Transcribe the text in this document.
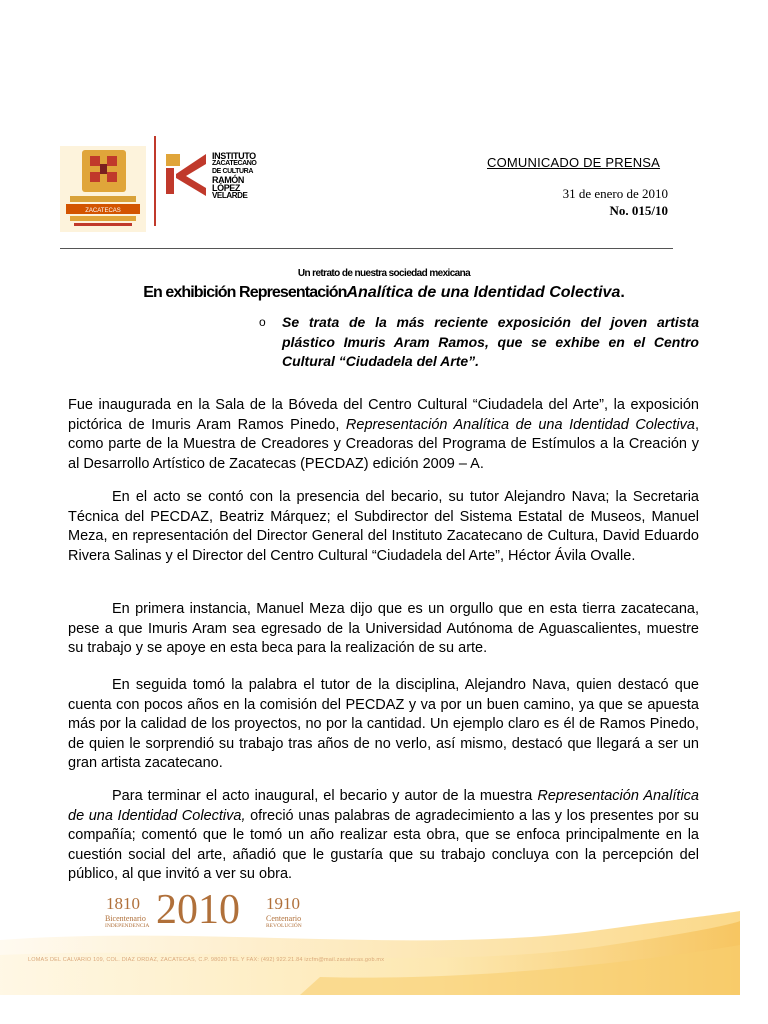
ZACATECAS
INSTITUTO
ZACATECANO
DE CULTURA
RAMÓN
LÓPEZ
VELARDE
COMUNICADO DE PRENSA
31 de enero de 2010
No. 015/10
Un retrato de nuestra sociedad mexicana
En exhibición RepresentaciónAnalítica de una Identidad Colectiva.
o Se trata de la más reciente exposición del joven artista plástico Imuris Aram Ramos, que se exhibe en el Centro Cultural “Ciudadela del Arte”.

Fue inaugurada en la Sala de la Bóveda del Centro Cultural “Ciudadela del Arte”, la exposición pictórica de Imuris Aram Ramos Pinedo, Representación Analítica de una Identidad Colectiva, como parte de la Muestra de Creadores y Creadoras del Programa de Estímulos a la Creación y al Desarrollo Artístico de Zacatecas (PECDAZ) edición 2009 – A.

En el acto se contó con la presencia del becario, su tutor Alejandro Nava; la Secretaria Técnica del PECDAZ, Beatriz Márquez; el Subdirector del Sistema Estatal de Museos, Manuel Meza, en representación del Director General del Instituto Zacatecano de Cultura, David Eduardo Rivera Salinas y el Director del Centro Cultural “Ciudadela del Arte”, Héctor Ávila Ovalle.

En primera instancia, Manuel Meza dijo que es un orgullo que en esta tierra zacatecana, pese a que Imuris Aram sea egresado de la Universidad Autónoma de Aguascalientes, muestre su trabajo y se apoye en esta beca para la realización de su arte.

En seguida tomó la palabra el tutor de la disciplina, Alejandro Nava, quien destacó que cuenta con pocos años en la comisión del PECDAZ y va por un buen camino, ya que se apuesta más por la calidad de los proyectos, no por la cantidad. Un ejemplo claro es él de Ramos Pinedo, de quien le sorprendió su trabajo tras años de no verlo, así mismo, destacó que llegará a ser un gran artista zacatecano.

Para terminar el acto inaugural, el becario y autor de la muestra Representación Analítica de una Identidad Colectiva, ofreció unas palabras de agradecimiento a las y los presentes por su compañía; comentó que le tomó un año realizar esta obra, que se enfoca principalmente en la cuestión social del arte, añadió que le gustaría que su trabajo concluya con la percepción del público, al que invitó a ver su obra.

1810
Bicentenario
INDEPENDENCIA 2010 1910
Centenario
REVOLUCIÓN
LOMAS DEL CALVARIO 109, COL. DIAZ ORDAZ, ZACATECAS, C.P. 98020 TEL Y FAX: (492) 922.21.84 izcfm@mail.zacatecas.gob.mx
